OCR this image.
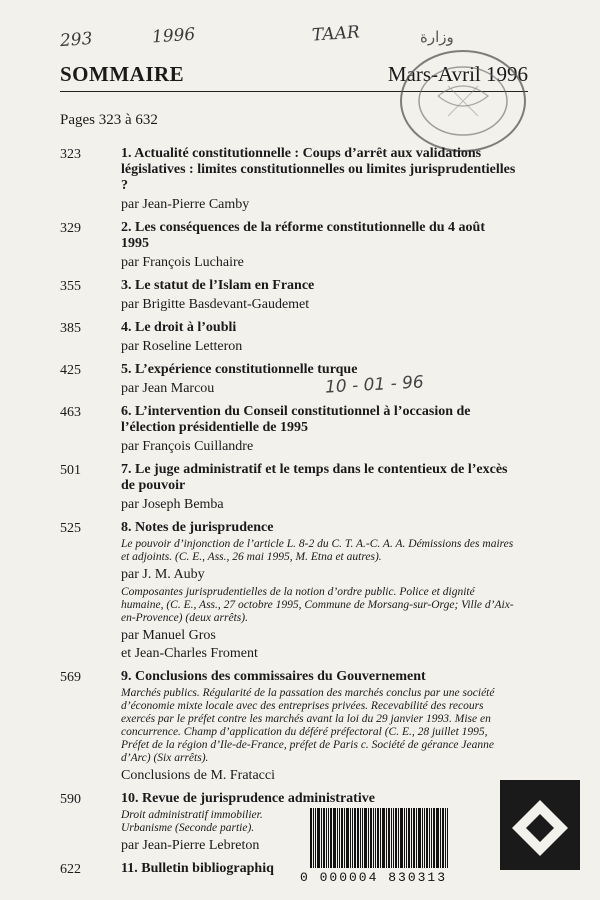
293	1996	TAAR	وزارة
SOMMAIRE	Mars-Avril 1996
Pages 323 à 632
323	1. Actualité constitutionnelle : Coups d’arrêt aux validations législatives : limites constitutionnelles ou limites jurisprudentielles ?
par Jean-Pierre Camby
329	2. Les conséquences de la réforme constitutionnelle du 4 août 1995
par François Luchaire
355	3. Le statut de l’Islam en France
par Brigitte Basdevant-Gaudemet
385	4. Le droit à l’oubli
par Roseline Letteron
425	5. L’expérience constitutionnelle turque
par Jean Marcou
463	6. L’intervention du Conseil constitutionnel à l’occasion de l’élection présidentielle de 1995
par François Cuillandre
501	7. Le juge administratif et le temps dans le contentieux de l’excès de pouvoir
par Joseph Bemba
525	8. Notes de jurisprudence
Le pouvoir d’injonction de l’article L. 8-2 du C. T. A.-C. A. A. Démissions des maires et adjoints. (C. E., Ass., 26 mai 1995, M. Etna et autres).
par J. M. Auby
Composantes jurisprudentielles de la notion d’ordre public. Police et dignité humaine, (C. E., Ass., 27 octobre 1995, Commune de Morsang-sur-Orge; Ville d’Aix-en-Provence) (deux arrêts).
par Manuel Gros
et Jean-Charles Froment
569	9. Conclusions des commissaires du Gouvernement
Marchés publics. Régularité de la passation des marchés conclus par une société d’économie mixte locale avec des entreprises privées. Recevabilité des recours exercés par le préfet contre les marchés avant la loi du 29 janvier 1993. Mise en concurrence. Champ d’application du déféré préfectoral (C. E., 28 juillet 1995, Préfet de la région d’Ile-de-France, préfet de Paris c. Société de gérance Jeanne d’Arc) (Six arrêts).
Conclusions de M. Fratacci
590	10. Revue de jurisprudence administrative
Droit administratif immobilier.
Urbanisme (Seconde partie).
par Jean-Pierre Lebreton
622	11. Bulletin bibliographiq
10 - 01 - 96
0 000004 830313
